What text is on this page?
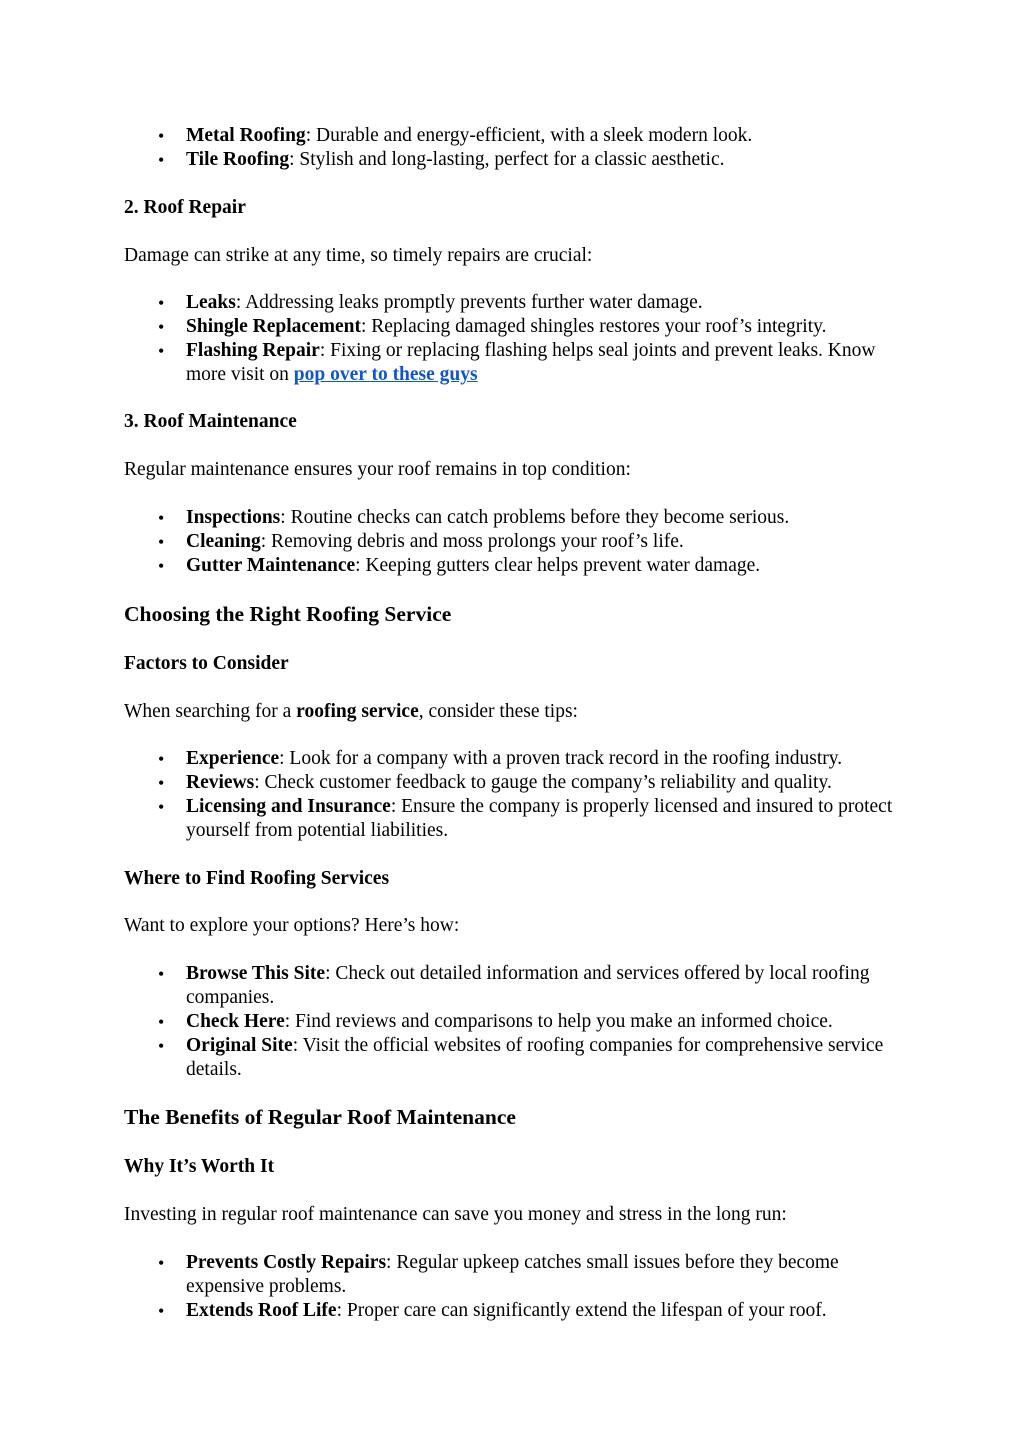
• Metal Roofing: Durable and energy-efficient, with a sleek modern look.
• Tile Roofing: Stylish and long-lasting, perfect for a classic aesthetic.
2. Roof Repair

Damage can strike at any time, so timely repairs are crucial:

• Leaks: Addressing leaks promptly prevents further water damage.
• Shingle Replacement: Replacing damaged shingles restores your roof’s integrity.
• Flashing Repair: Fixing or replacing flashing helps seal joints and prevent leaks. Know more visit on pop over to these guys
3. Roof Maintenance

Regular maintenance ensures your roof remains in top condition:

• Inspections: Routine checks can catch problems before they become serious.
• Cleaning: Removing debris and moss prolongs your roof’s life.
• Gutter Maintenance: Keeping gutters clear helps prevent water damage.
Choosing the Right Roofing Service
Factors to Consider

When searching for a roofing service, consider these tips:

• Experience: Look for a company with a proven track record in the roofing industry.
• Reviews: Check customer feedback to gauge the company’s reliability and quality.
• Licensing and Insurance: Ensure the company is properly licensed and insured to protect yourself from potential liabilities.
Where to Find Roofing Services

Want to explore your options? Here’s how:

• Browse This Site: Check out detailed information and services offered by local roofing companies.
• Check Here: Find reviews and comparisons to help you make an informed choice.
• Original Site: Visit the official websites of roofing companies for comprehensive service details.
The Benefits of Regular Roof Maintenance
Why It’s Worth It

Investing in regular roof maintenance can save you money and stress in the long run:

• Prevents Costly Repairs: Regular upkeep catches small issues before they become expensive problems.
• Extends Roof Life: Proper care can significantly extend the lifespan of your roof.
